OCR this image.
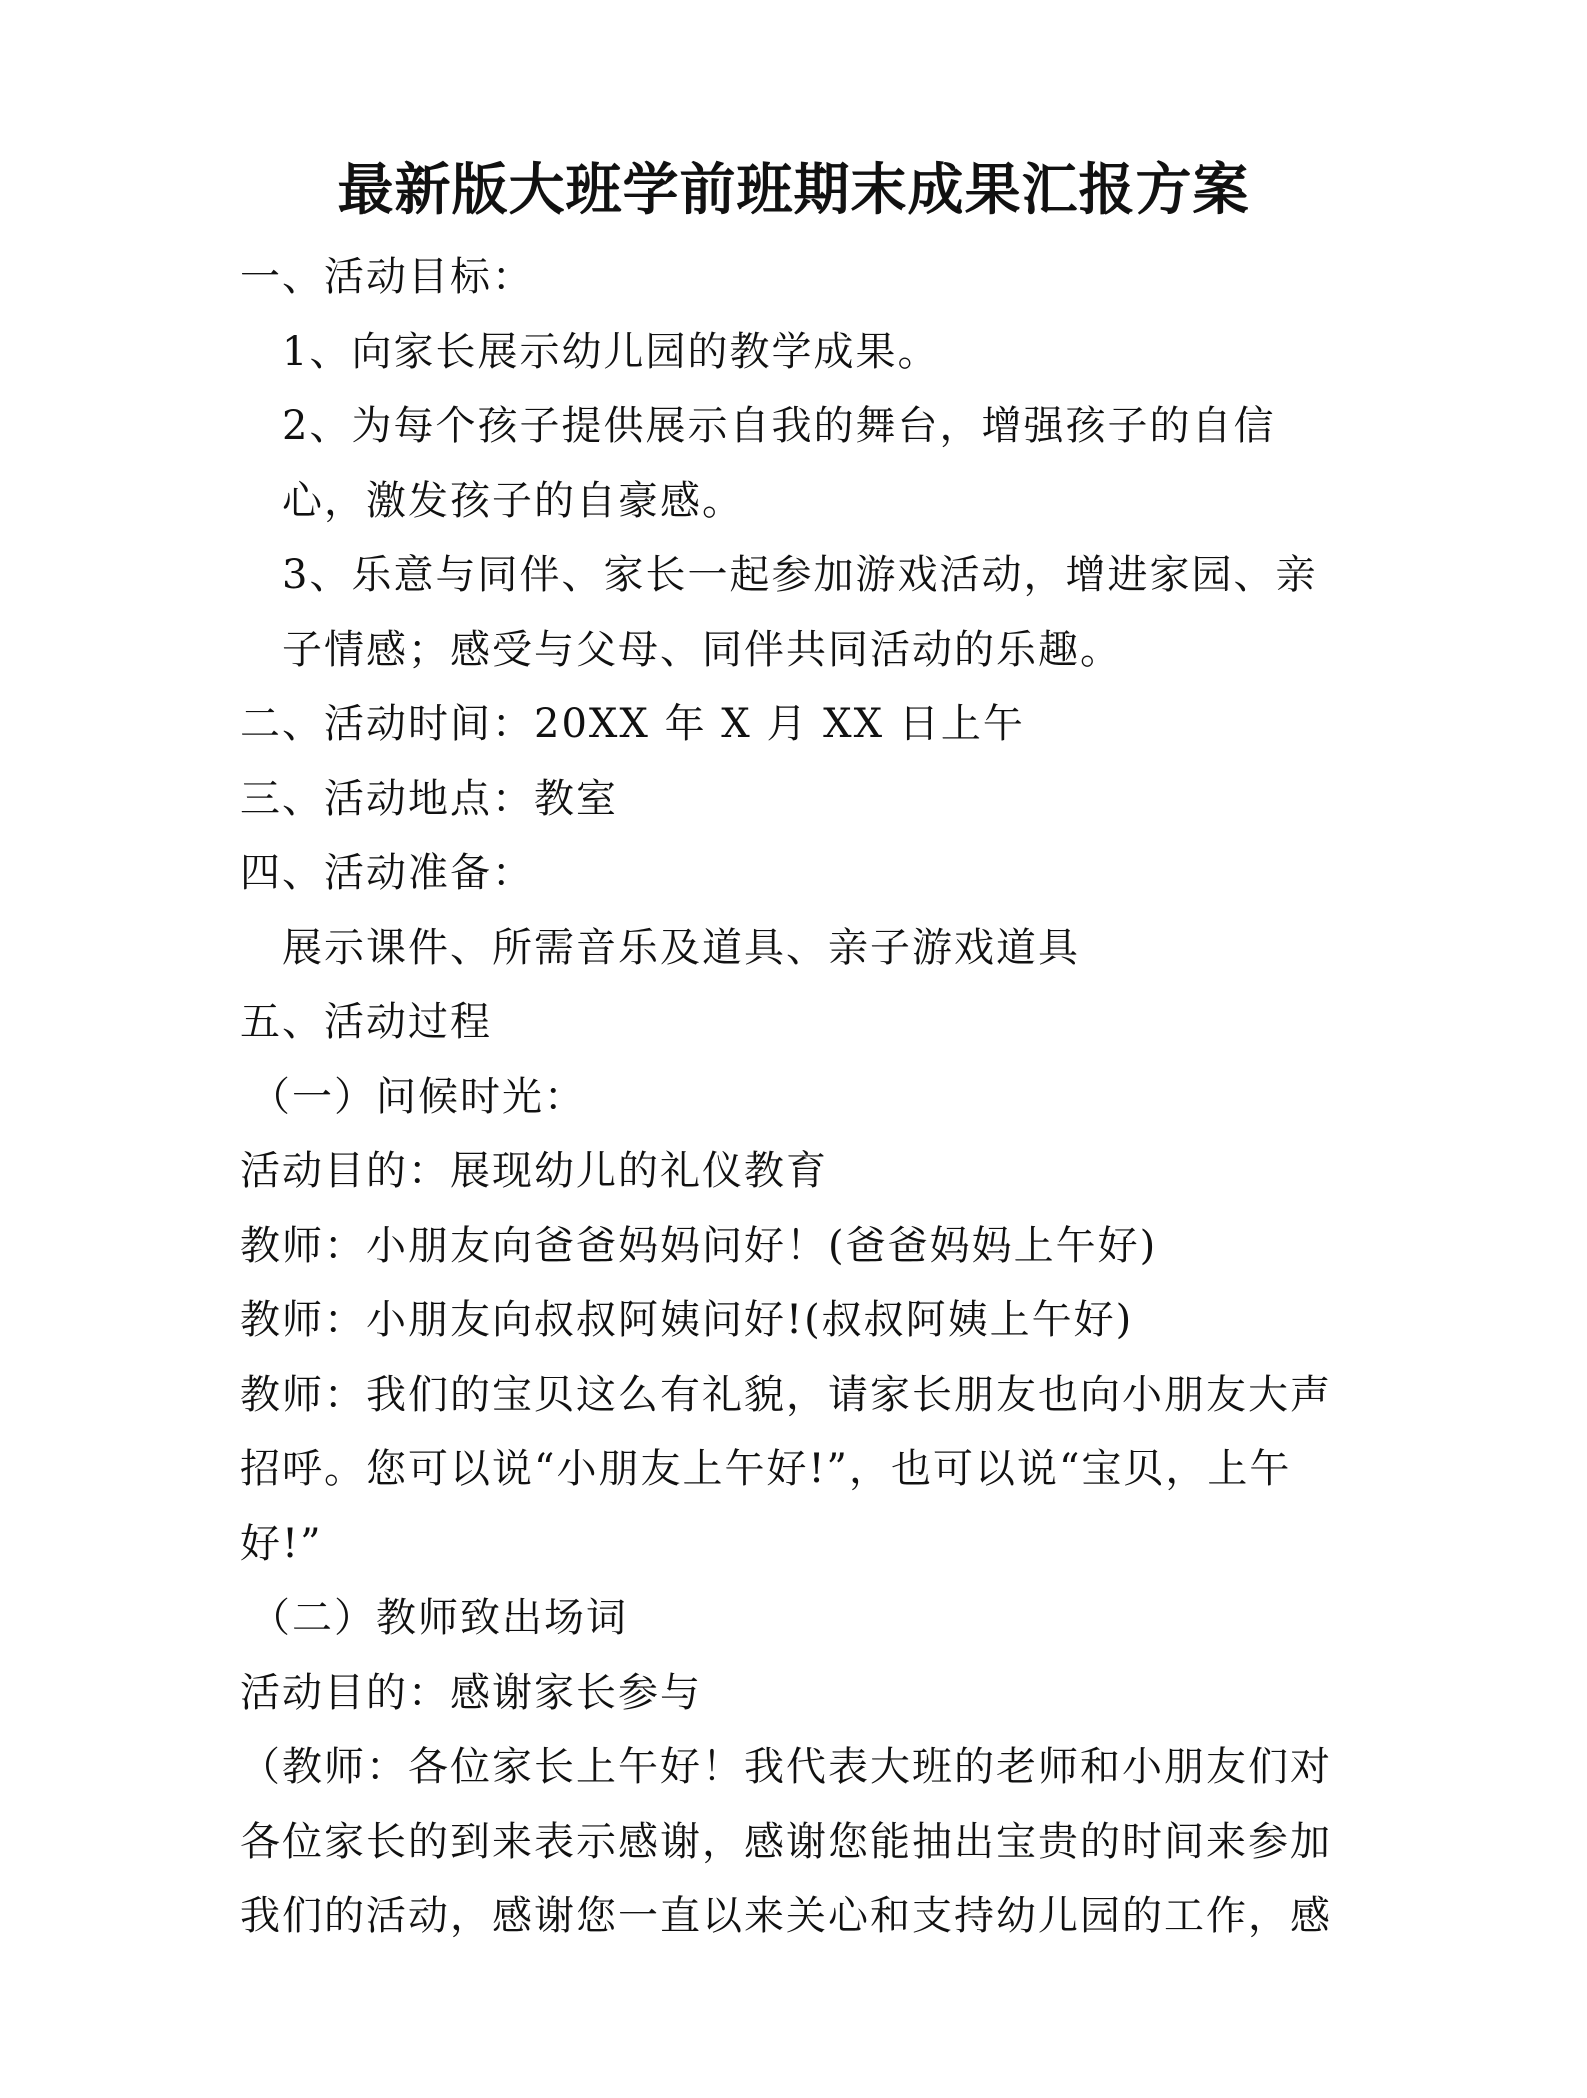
最新版大班学前班期末成果汇报方案

一、活动目标：

1、向家长展示幼儿园的教学成果。

2、为每个孩子提供展示自我的舞台，增强孩子的自信心，激发孩子的自豪感。

3、乐意与同伴、家长一起参加游戏活动，增进家园、亲子情感；感受与父母、同伴共同活动的乐趣。

二、活动时间：20XX 年 X 月 XX 日上午

三、活动地点：教室

四、活动准备：

展示课件、所需音乐及道具、亲子游戏道具

五、活动过程

（一）问候时光：

活动目的：展现幼儿的礼仪教育

教师：小朋友向爸爸妈妈问好！(爸爸妈妈上午好)

教师：小朋友向叔叔阿姨问好!(叔叔阿姨上午好)

教师：我们的宝贝这么有礼貌，请家长朋友也向小朋友大声招呼。您可以说“小朋友上午好!”，也可以说“宝贝，上午好!”

（二）教师致出场词

活动目的：感谢家长参与

（教师：各位家长上午好！我代表大班的老师和小朋友们对各位家长的到来表示感谢，感谢您能抽出宝贵的时间来参加我们的活动，感谢您一直以来关心和支持幼儿园的工作，感
